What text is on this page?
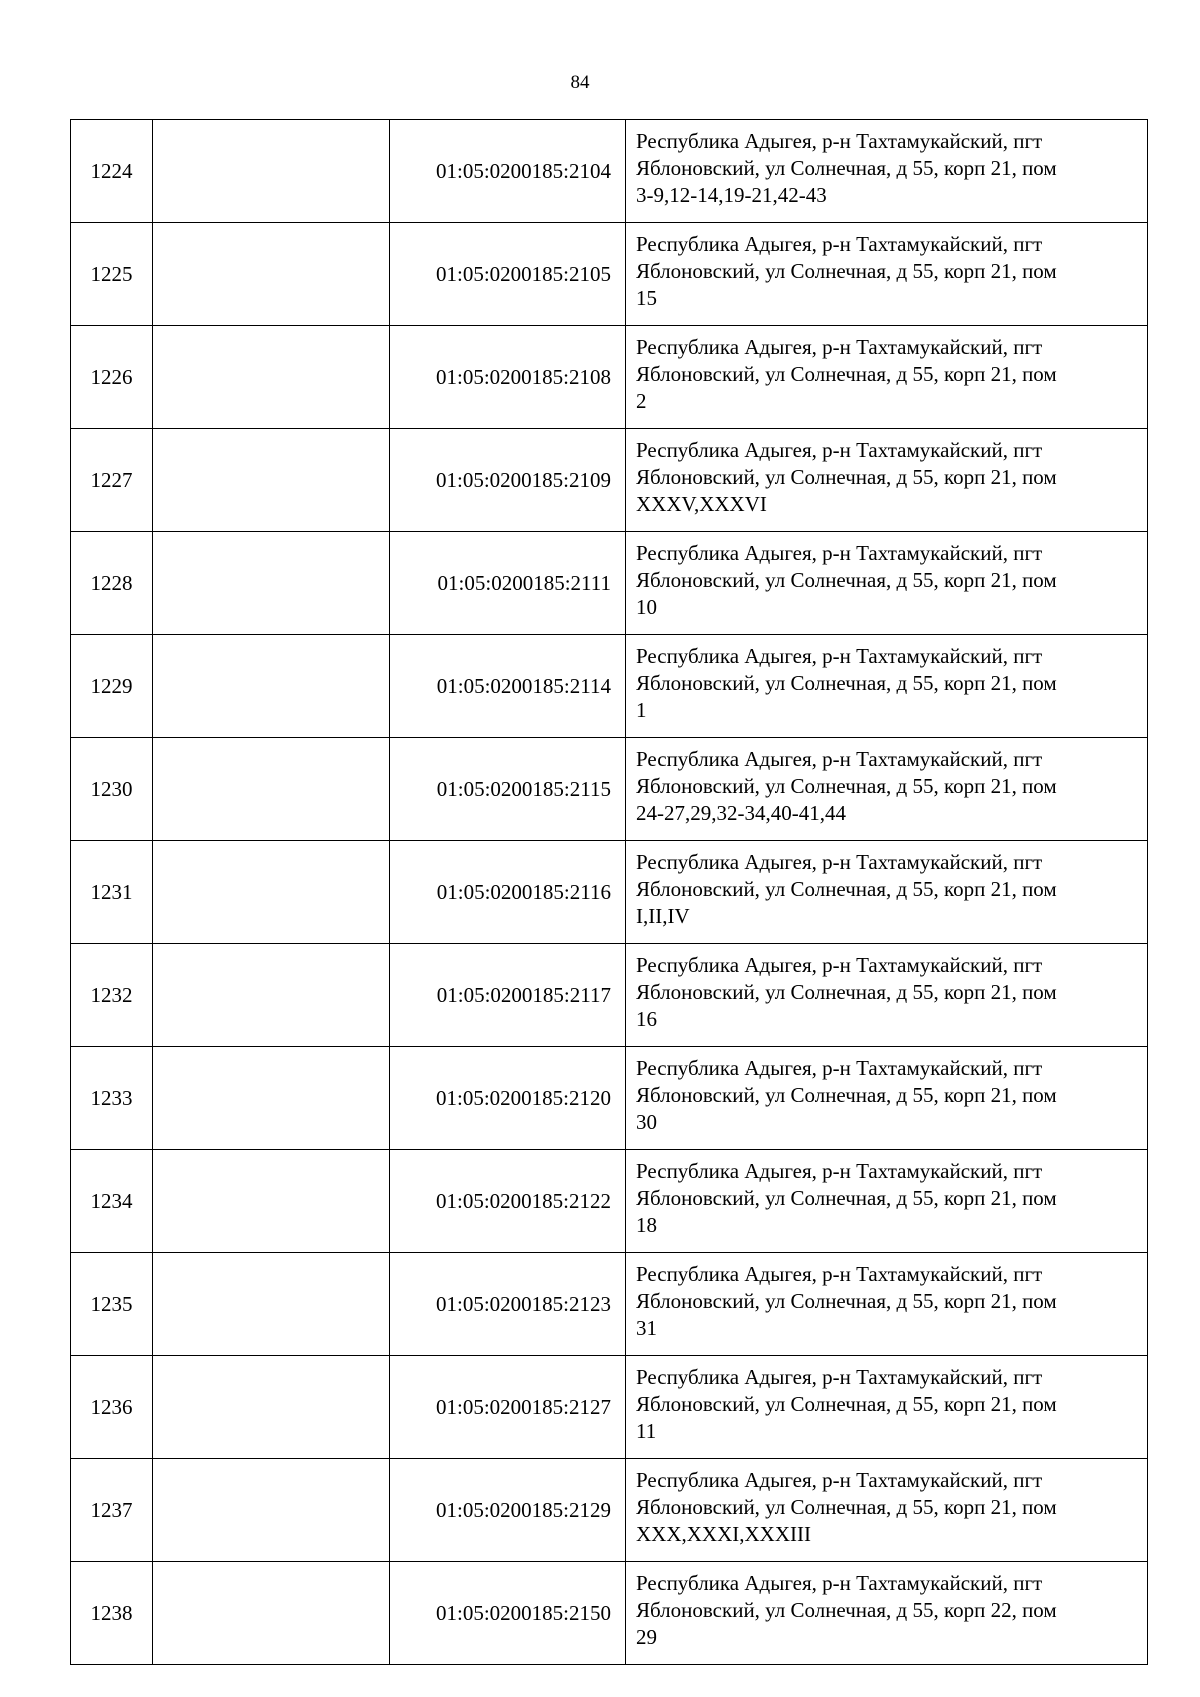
84
1224		01:05:0200185:2104	Республика Адыгея, р-н Тахтамукайский, пгт
Яблоновский, ул Солнечная, д 55, корп 21, пом
3-9,12-14,19-21,42-43

1225		01:05:0200185:2105	Республика Адыгея, р-н Тахтамукайский, пгт
Яблоновский, ул Солнечная, д 55, корп 21, пом
15

1226		01:05:0200185:2108	Республика Адыгея, р-н Тахтамукайский, пгт
Яблоновский, ул Солнечная, д 55, корп 21, пом
2

1227		01:05:0200185:2109	Республика Адыгея, р-н Тахтамукайский, пгт
Яблоновский, ул Солнечная, д 55, корп 21, пом
XXXV,XXXVI

1228		01:05:0200185:2111	Республика Адыгея, р-н Тахтамукайский, пгт
Яблоновский, ул Солнечная, д 55, корп 21, пом
10

1229		01:05:0200185:2114	Республика Адыгея, р-н Тахтамукайский, пгт
Яблоновский, ул Солнечная, д 55, корп 21, пом
1

1230		01:05:0200185:2115	Республика Адыгея, р-н Тахтамукайский, пгт
Яблоновский, ул Солнечная, д 55, корп 21, пом
24-27,29,32-34,40-41,44

1231		01:05:0200185:2116	Республика Адыгея, р-н Тахтамукайский, пгт
Яблоновский, ул Солнечная, д 55, корп 21, пом
I,II,IV

1232		01:05:0200185:2117	Республика Адыгея, р-н Тахтамукайский, пгт
Яблоновский, ул Солнечная, д 55, корп 21, пом
16

1233		01:05:0200185:2120	Республика Адыгея, р-н Тахтамукайский, пгт
Яблоновский, ул Солнечная, д 55, корп 21, пом
30

1234		01:05:0200185:2122	Республика Адыгея, р-н Тахтамукайский, пгт
Яблоновский, ул Солнечная, д 55, корп 21, пом
18

1235		01:05:0200185:2123	Республика Адыгея, р-н Тахтамукайский, пгт
Яблоновский, ул Солнечная, д 55, корп 21, пом
31

1236		01:05:0200185:2127	Республика Адыгея, р-н Тахтамукайский, пгт
Яблоновский, ул Солнечная, д 55, корп 21, пом
11

1237		01:05:0200185:2129	Республика Адыгея, р-н Тахтамукайский, пгт
Яблоновский, ул Солнечная, д 55, корп 21, пом
XXX,XXXI,XXXIII

1238		01:05:0200185:2150	Республика Адыгея, р-н Тахтамукайский, пгт
Яблоновский, ул Солнечная, д 55, корп 22, пом
29
